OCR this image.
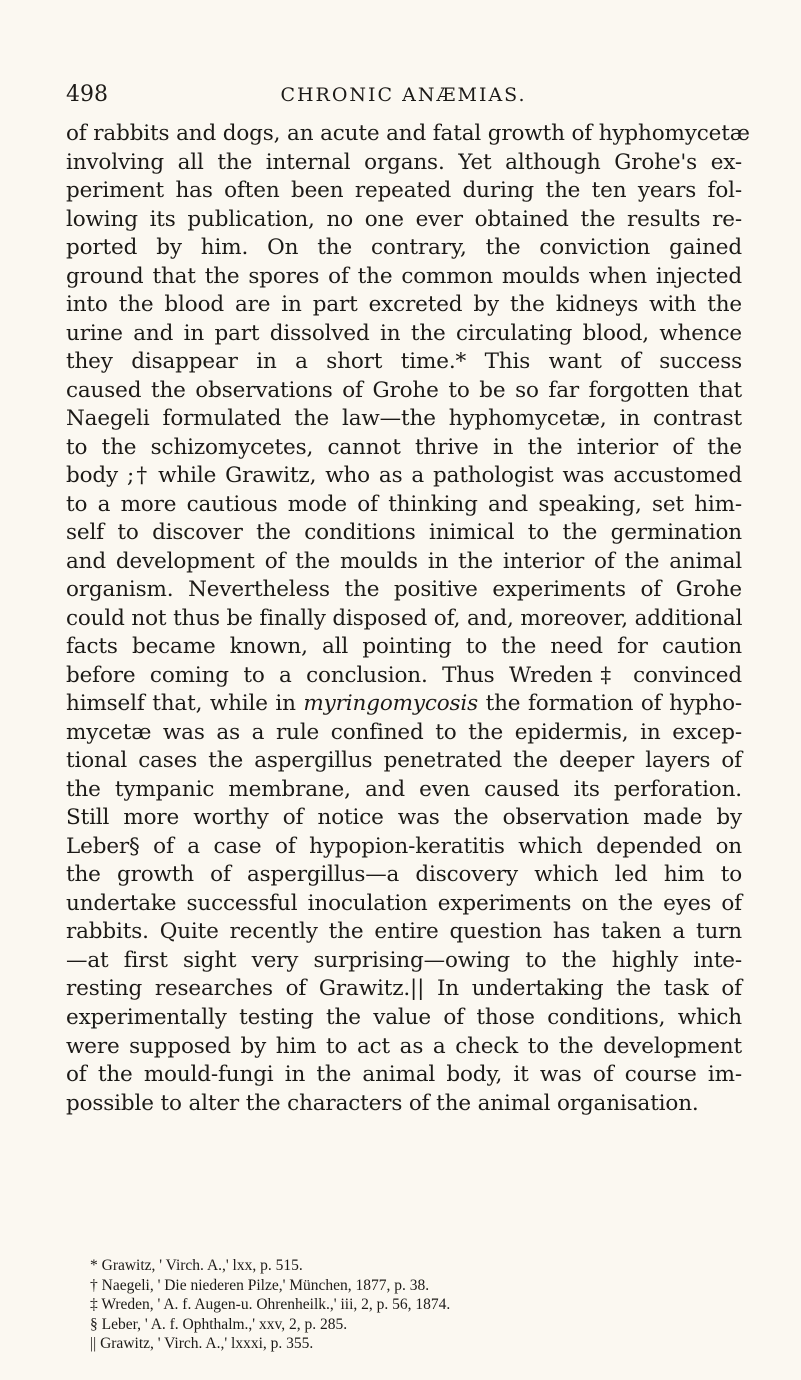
498	CHRONIC ANÆMIAS.
of rabbits and dogs, an acute and fatal growth of hyphomycetæ
involving all the internal organs. Yet although Grohe's ex-
periment has often been repeated during the ten years fol-
lowing its publication, no one ever obtained the results re-
ported by him. On the contrary, the conviction gained
ground that the spores of the common moulds when injected
into the blood are in part excreted by the kidneys with the
urine and in part dissolved in the circulating blood, whence
they disappear in a short time.* This want of success
caused the observations of Grohe to be so far forgotten that
Naegeli formulated the law—the hyphomycetæ, in contrast
to the schizomycetes, cannot thrive in the interior of the
body ;† while Grawitz, who as a pathologist was accustomed
to a more cautious mode of thinking and speaking, set him-
self to discover the conditions inimical to the germination
and development of the moulds in the interior of the animal
organism. Nevertheless the positive experiments of Grohe
could not thus be finally disposed of, and, moreover, additional
facts became known, all pointing to the need for caution
before coming to a conclusion. Thus Wreden‡ convinced
himself that, while in myringomycosis the formation of hypho-
mycetæ was as a rule confined to the epidermis, in excep-
tional cases the aspergillus penetrated the deeper layers of
the tympanic membrane, and even caused its perforation.
Still more worthy of notice was the observation made by
Leber§ of a case of hypopion-keratitis which depended on
the growth of aspergillus—a discovery which led him to
undertake successful inoculation experiments on the eyes of
rabbits. Quite recently the entire question has taken a turn
—at first sight very surprising—owing to the highly inte-
resting researches of Grawitz.|| In undertaking the task of
experimentally testing the value of those conditions, which
were supposed by him to act as a check to the development
of the mould-fungi in the animal body, it was of course im-
possible to alter the characters of the animal organisation.
* Grawitz, ' Virch. A.,' lxx, p. 515.
† Naegeli, ' Die niederen Pilze,' München, 1877, p. 38.
‡ Wreden, ' A. f. Augen-u. Ohrenheilk.,' iii, 2, p. 56, 1874.
§ Leber, ' A. f. Ophthalm.,' xxv, 2, p. 285.
|| Grawitz, ' Virch. A.,' lxxxi, p. 355.
